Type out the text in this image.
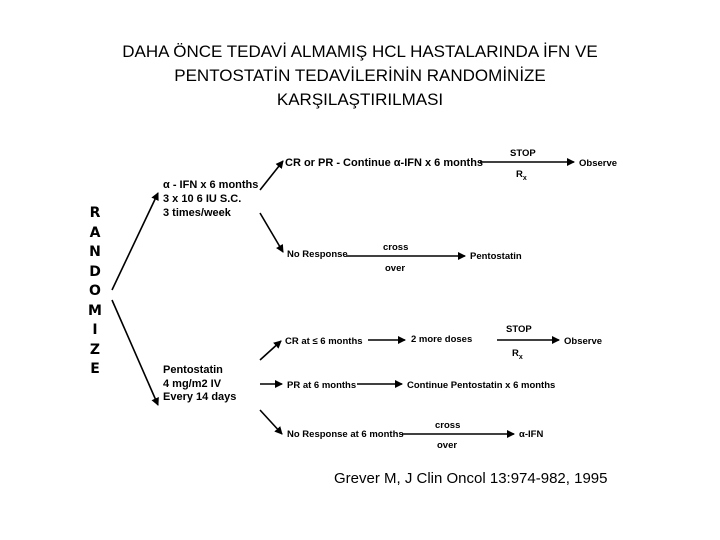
DAHA ÖNCE TEDAVİ ALMAMIŞ HCL HASTALARINDA İFN VE
PENTOSTATİN TEDAVİLERİNİN RANDOMİNİZE
KARŞILAŞTIRILMASI
R
A
N
D
O
M
I
Z
E
α - IFN x 6 months
3 x 10 6 IU S.C.
3 times/week
CR or PR - Continue α-IFN x 6 months
STOP
$R_x$
Observe
No Response
cross
over
Pentostatin
Pentostatin
4 mg/m2 IV
Every 14 days
CR at ≤ 6 months	2 more doses
STOP
$R_x$
Observe
PR at 6 months	Continue Pentostatin x 6 months
No Response at 6 months
cross
over
α-IFN
Grever M, J Clin Oncol 13:974-982, 1995
